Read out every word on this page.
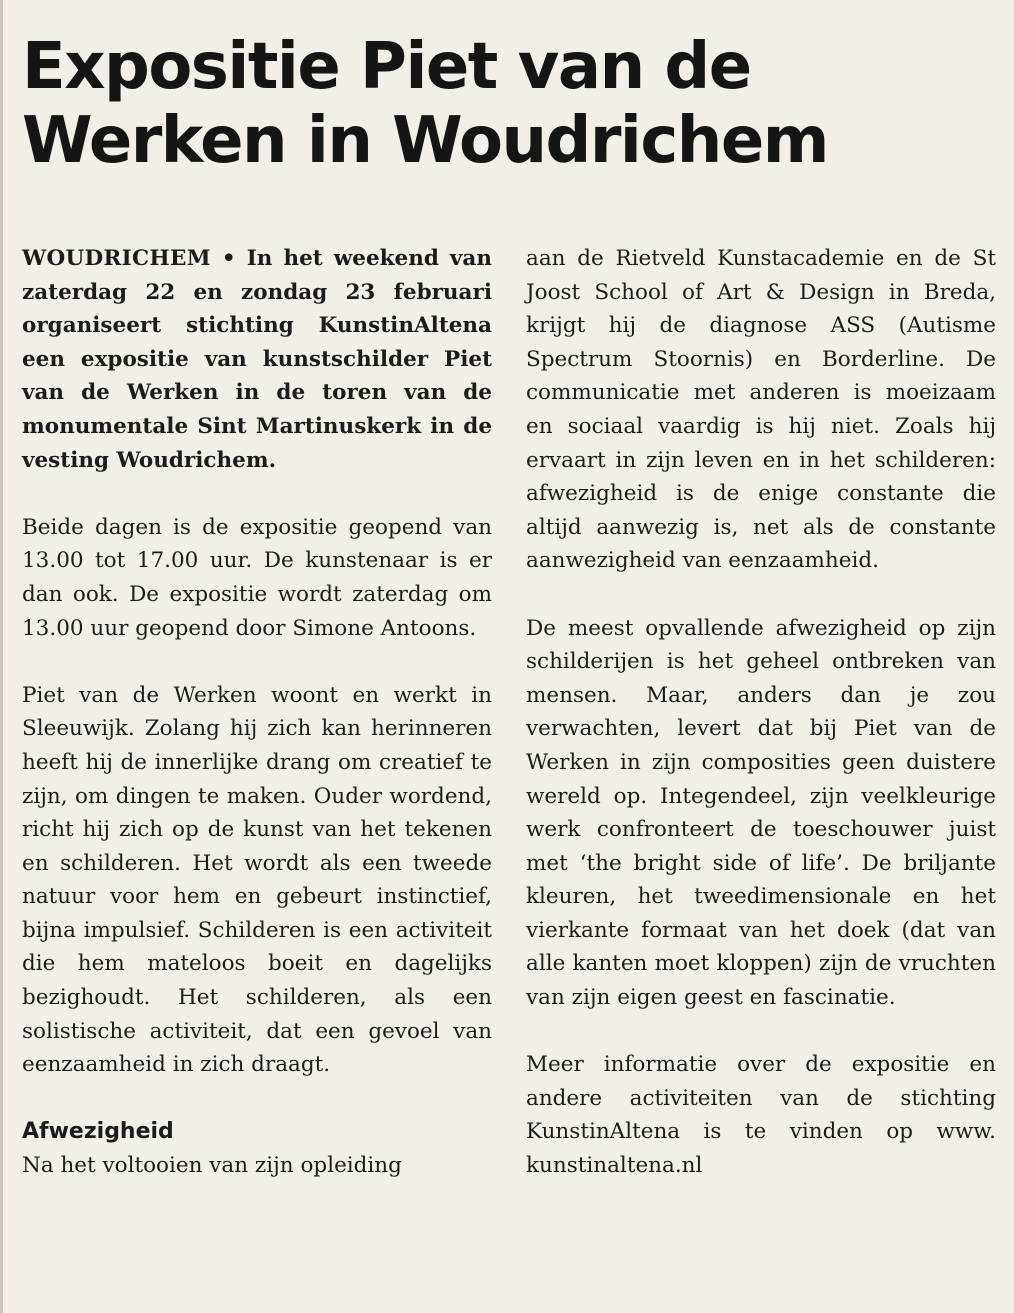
Expositie Piet van de Werken in Woudrichem

WOUDRICHEM • In het weekend van zaterdag 22 en zondag 23 februari organiseert stichting KunstinAltena een expositie van kunstschilder Piet van de Werken in de toren van de monumentale Sint Martinuskerk in de vesting Woudrichem.

Beide dagen is de expositie geopend van 13.00 tot 17.00 uur. De kunstenaar is er dan ook. De expositie wordt zaterdag om 13.00 uur geopend door Simone Antoons.

Piet van de Werken woont en werkt in Sleeuwijk. Zolang hij zich kan herinneren heeft hij de innerlijke drang om creatief te zijn, om dingen te maken. Ouder wordend, richt hij zich op de kunst van het tekenen en schilderen. Het wordt als een tweede natuur voor hem en gebeurt instinctief, bijna impulsief. Schilderen is een activiteit die hem mateloos boeit en dagelijks bezighoudt. Het schilderen, als een solistische activiteit, dat een gevoel van eenzaamheid in zich draagt.

Afwezigheid

Na het voltooien van zijn opleiding

aan de Rietveld Kunstacademie en de St Joost School of Art & Design in Breda, krijgt hij de diagnose ASS (Autisme Spectrum Stoornis) en Borderline. De communicatie met anderen is moeizaam en sociaal vaardig is hij niet. Zoals hij ervaart in zijn leven en in het schilderen: afwezigheid is de enige constante die altijd aanwezig is, net als de constante aanwezigheid van eenzaamheid.

De meest opvallende afwezigheid op zijn schilderijen is het geheel ontbreken van mensen. Maar, anders dan je zou verwachten, levert dat bij Piet van de Werken in zijn composities geen duistere wereld op. Integendeel, zijn veelkleurige werk confronteert de toeschouwer juist met ‘the bright side of life’. De briljante kleuren, het tweedimensionale en het vierkante formaat van het doek (dat van alle kanten moet kloppen) zijn de vruchten van zijn eigen geest en fascinatie.

Meer informatie over de expositie en andere activiteiten van de stichting KunstinAltena is te vinden op www. kunstinaltena.nl
